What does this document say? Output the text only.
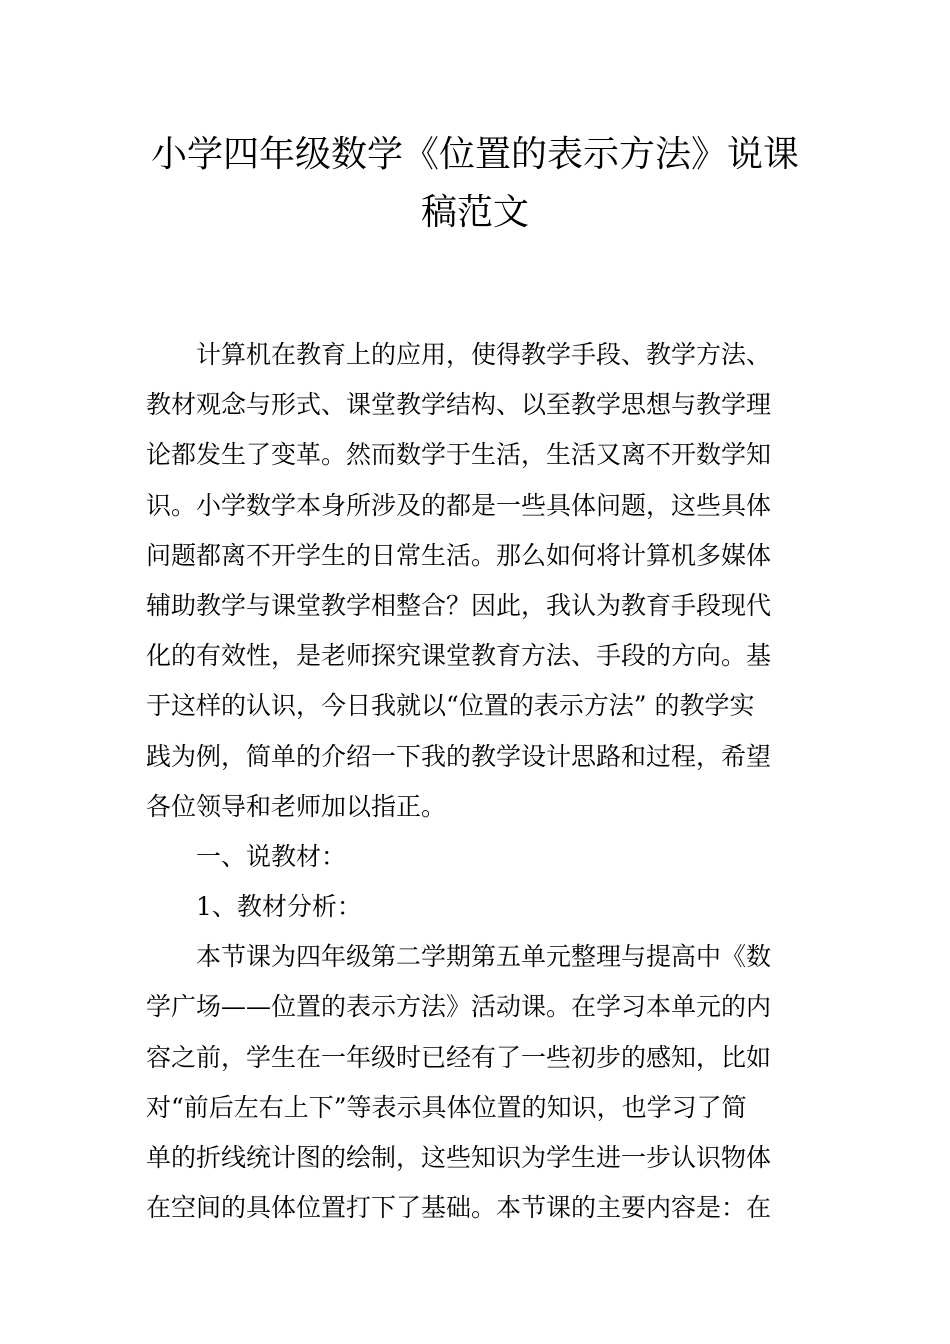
小学四年级数学《位置的表示方法》说课
稿范文
计算机在教育上的应用，使得教学手段、教学方法、
教材观念与形式、课堂教学结构、以至教学思想与教学理
论都发生了变革。然而数学于生活，生活又离不开数学知
识。小学数学本身所涉及的都是一些具体问题，这些具体
问题都离不开学生的日常生活。那么如何将计算机多媒体
辅助教学与课堂教学相整合？因此，我认为教育手段现代
化的有效性，是老师探究课堂教育方法、手段的方向。基
于这样的认识，今日我就以“位置的表示方法” 的教学实
践为例，简单的介绍一下我的教学设计思路和过程，希望
各位领导和老师加以指正。
一、说教材：
1、教材分析：
本节课为四年级第二学期第五单元整理与提高中《数
学广场——位置的表示方法》活动课。在学习本单元的内
容之前，学生在一年级时已经有了一些初步的感知，比如
对“前后左右上下”等表示具体位置的知识，也学习了简
单的折线统计图的绘制，这些知识为学生进一步认识物体
在空间的具体位置打下了基础。本节课的主要内容是：在
